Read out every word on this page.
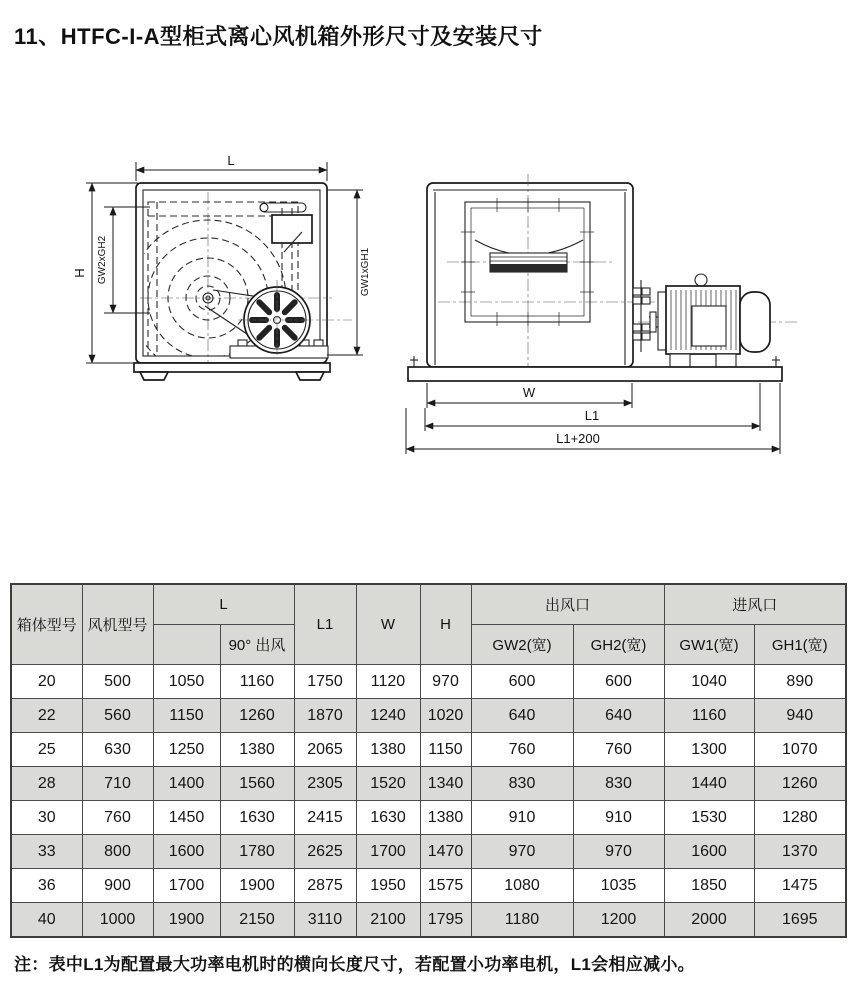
11、HTFC-I-A型柜式离心风机箱外形尺寸及安装尺寸
L
H GW2xGH2	GW1xGH1
W
L1
L1+200
箱体型号	风机型号	L		L1	W	H	出风口		进风口	
			90° 出风				GW2(宽)	GH2(宽)	GW1(宽)	GH1(宽)
20	500	1050	1160	1750	1120	970	600	600	1040	890
22	560	1150	1260	1870	1240	1020	640	640	1160	940
25	630	1250	1380	2065	1380	1150	760	760	1300	1070
28	710	1400	1560	2305	1520	1340	830	830	1440	1260
30	760	1450	1630	2415	1630	1380	910	910	1530	1280
33	800	1600	1780	2625	1700	1470	970	970	1600	1370
36	900	1700	1900	2875	1950	1575	1080	1035	1850	1475
40	1000	1900	2150	3110	2100	1795	1180	1200	2000	1695
注：表中L1为配置最大功率电机时的横向长度尺寸，若配置小功率电机，L1会相应减小。
